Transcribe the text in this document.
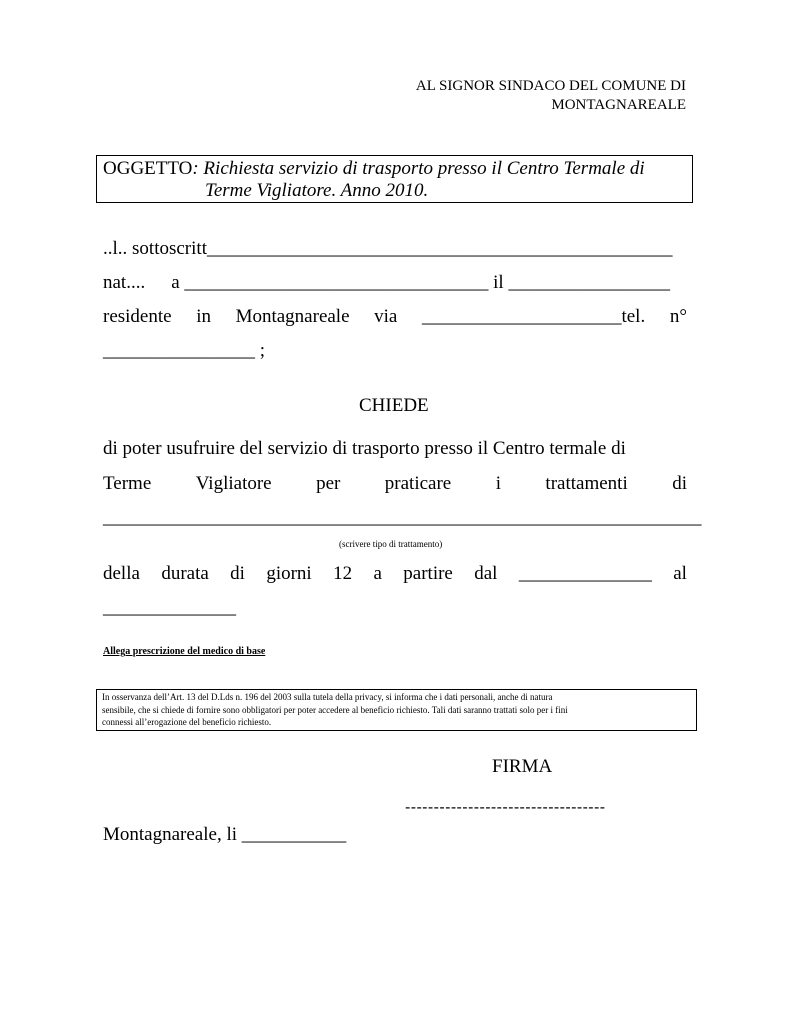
AL SIGNOR SINDACO DEL COMUNE DI
MONTAGNAREALE
OGGETTO: Richiesta servizio di trasporto presso il Centro Termale di
Terme Vigliatore. Anno 2010.
..l.. sottoscritt_________________________________________________
nat.... a ________________________________ il _________________
residente in Montagnareale via _____________________tel. n°
________________ ;
CHIEDE
di poter usufruire del servizio di trasporto presso il Centro termale di
Terme Vigliatore per praticare i trattamenti di
_______________________________________________________________
(scrivere tipo di trattamento)
della durata di giorni 12 a partire dal ______________ al
______________
Allega prescrizione del medico di base
In osservanza dell’Art. 13 del D.Lds n. 196 del 2003 sulla tutela della privacy, si informa che i dati personali, anche di natura
sensibile, che si chiede di fornire sono obbligatori per poter accedere al beneficio richiesto. Tali dati saranno trattati solo per i fini
connessi all’erogazione del beneficio richiesto.
FIRMA
-----------------------------------
Montagnareale, li ___________
